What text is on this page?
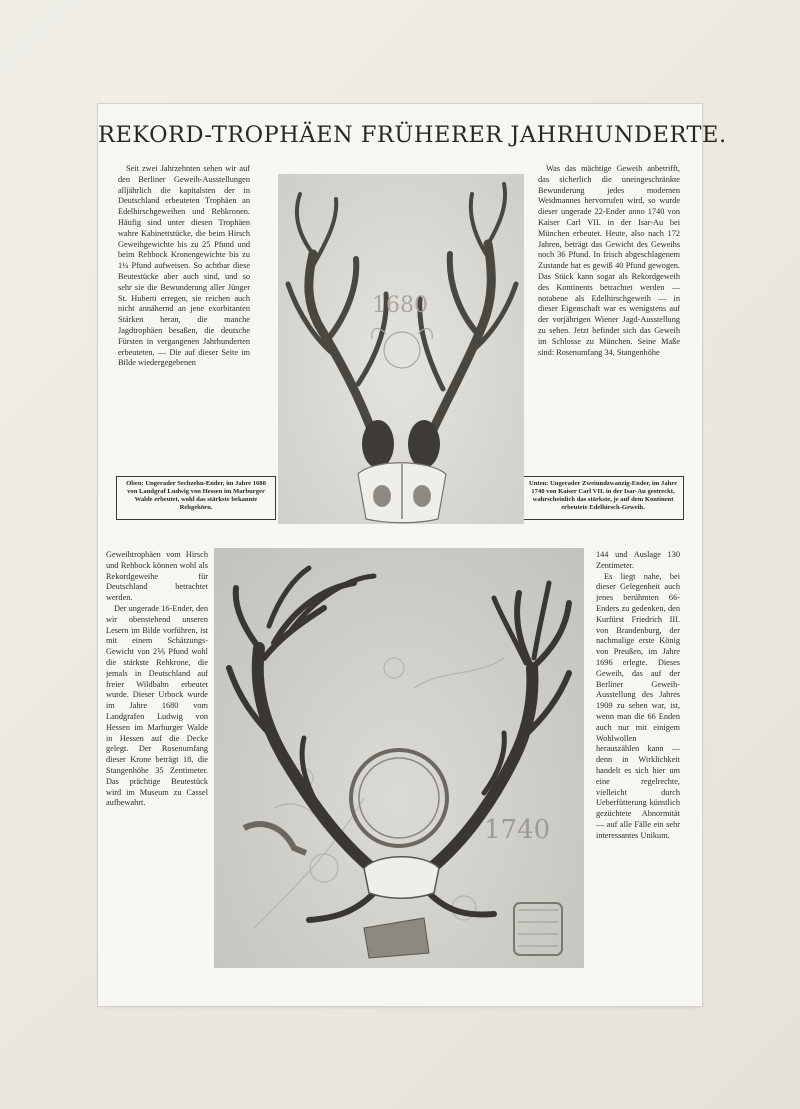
REKORD-TROPHÄEN FRÜHERER JAHRHUNDERTE.

Seit zwei Jahrzehnten sehen wir auf den Berliner Geweih-Ausstellungen alljährlich die kapitalsten der in Deutschland erbeuteten Trophäen an Edelhirschgeweihen und Rehkronen. Häufig sind unter diesen Trophäen wahre Kabinettstücke, die beim Hirsch Geweihgewichte bis zu 25 Pfund und beim Rehbock Kronengewichte bis zu 1¼ Pfund aufweisen. So achtbar diese Beutestücke aber auch sind, und so sehr sie die Bewunderung aller Jünger St. Huberti erregen, sie reichen auch nicht annähernd an jene exorbitanten Stärken heran, die manche Jagdtrophäen besaßen, die deutsche Fürsten in vergangenen Jahrhunderten erbeuteten. — Die auf dieser Seite im Bilde wiedergegebenen

Was das mächtige Geweih anbetrifft, das sicherlich die uneingeschränkte Bewunderung jedes modernen Weidmannes hervorrufen wird, so wurde dieser ungerade 22-Ender anno 1740 von Kaiser Carl VII. in der Isar-Au bei München erbeutet. Heute, also nach 172 Jahren, beträgt das Gewicht des Geweihs noch 36 Pfund. In frisch abgeschlagenem Zustande hat es gewiß 40 Pfund gewogen. Das Stück kann sogar als Rekordgeweih des Kontinents betrachtet werden — notabene als Edelhirschgeweih — in dieser Eigenschaft war es wenigstens auf der vorjährigen Wiener Jagd-Ausstellung zu sehen. Jetzt befindet sich das Geweih im Schlosse zu München. Seine Maße sind: Rosenumfang 34, Stangenhöhe

Oben: Ungerader Sechzehn-Ender, im Jahre 1680 von Landgraf Ludwig von Hessen im Marburger Walde erbeutet, wohl das stärkste bekannte Rehgehörn.
Unten: Ungerader Zweiundzwanzig-Ender, im Jahre 1740 von Kaiser Carl VII. in der Isar-Au gestreckt, wahrscheinlich das stärkste, je auf dem Kontinent erbeutete Edelhirsch-Geweih.
1680
1740

Geweihtrophäen vom Hirsch und Rehbock können wohl als Rekordgeweihe für Deutschland betrachtet werden.

Der ungerade 16-Ender, den wir obenstehend unseren Lesern im Bilde vorführen, ist mit einem Schätzungs-Gewicht von 2⅕ Pfund wohl die stärkste Rehkrone, die jemals in Deutschland auf freier Wildbahn erbeutet wurde. Dieser Urbock wurde im Jahre 1680 vom Landgrafen Ludwig von Hessen im Marburger Walde in Hessen auf die Decke gelegt. Der Rosenumfang dieser Krone beträgt 18, die Stangenhöhe 35 Zentimeter. Das prächtige Beutestück wird im Museum zu Cassel aufbewahrt.

144 und Auslage 130 Zentimeter.

Es liegt nahe, bei dieser Gelegenheit auch jenes berühmten 66-Enders zu gedenken, den Kurfürst Friedrich III. von Brandenburg, der nachmalige erste König von Preußen, im Jahre 1696 erlegte. Dieses Geweih, das auf der Berliner Geweih-Ausstellung des Jahres 1909 zu sehen war, ist, wenn man die 66 Enden auch nur mit einigem Wohlwollen herauszählen kann — denn in Wirklichkeit handelt es sich hier um eine regelrechte, vielleicht durch Ueberfütterung künstlich gezüchtete Abnormität — auf alle Fälle ein sehr interessantes Unikum.
